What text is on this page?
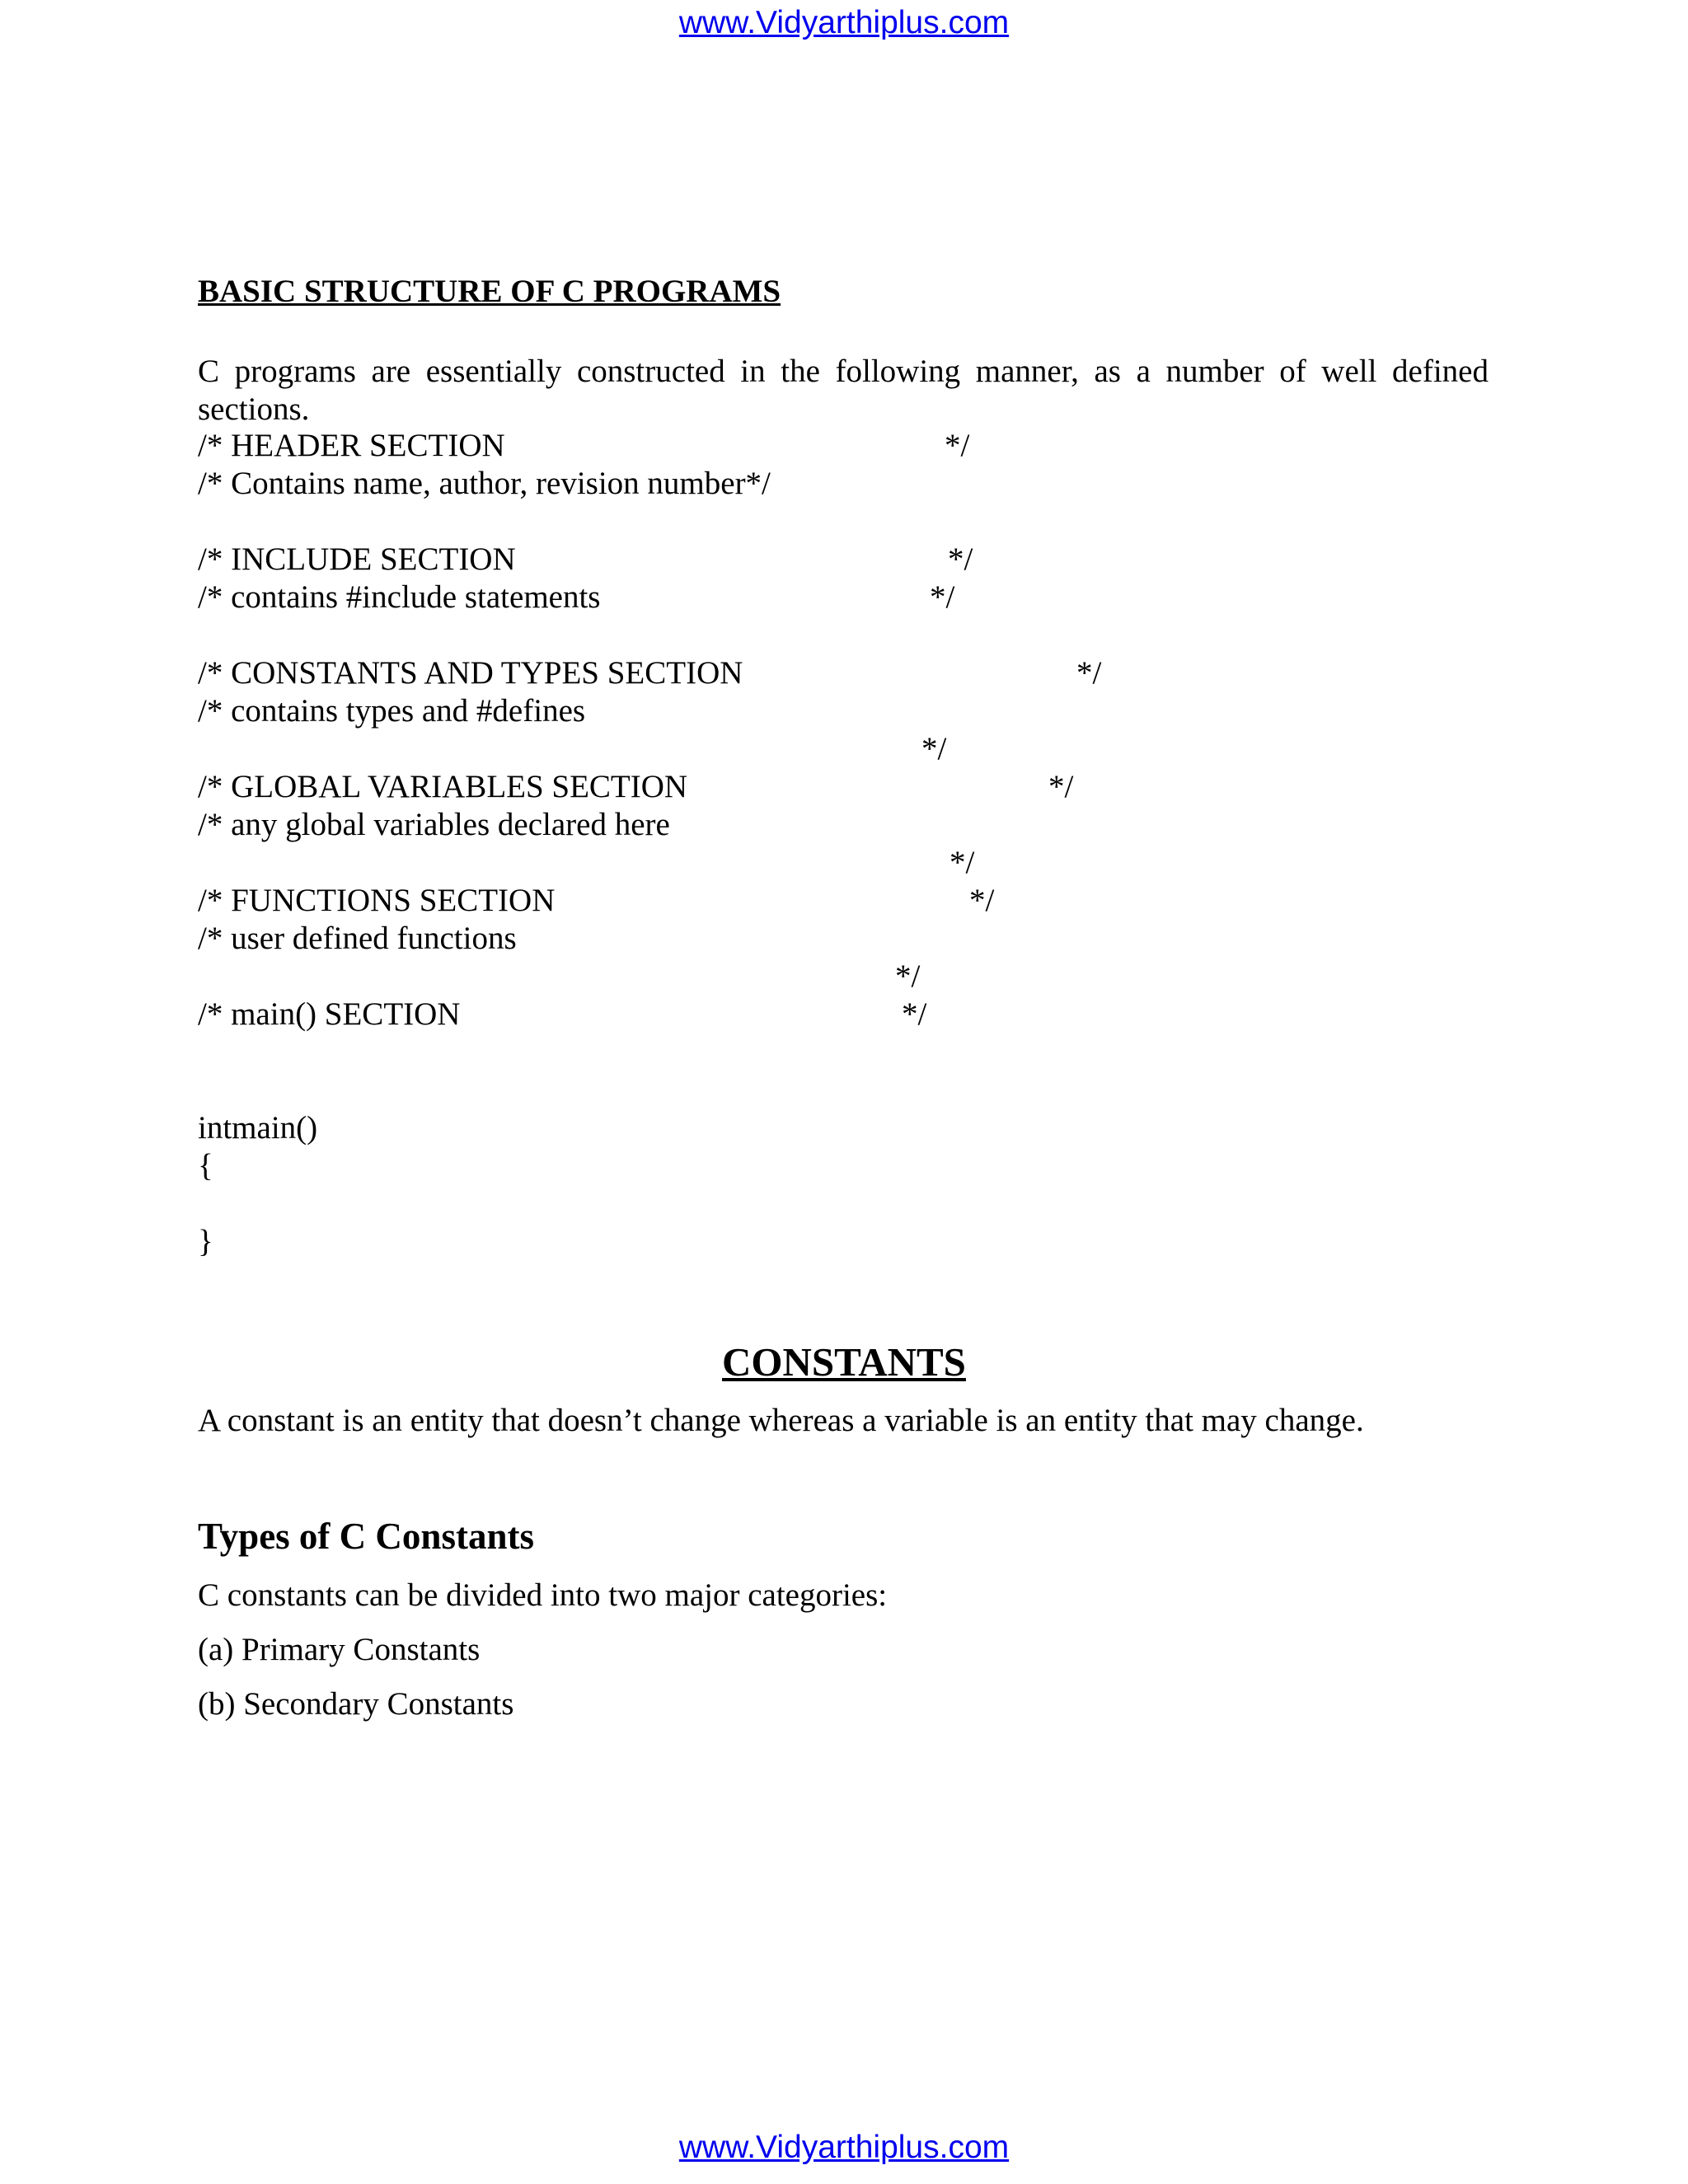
www.Vidyarthiplus.com
BASIC STRUCTURE OF C PROGRAMS
C programs are essentially constructed in the following manner, as a number of well defined sections.
/* HEADER SECTION	*/
/* Contains name, author, revision number*/
/* INCLUDE SECTION	*/
/* contains #include statements	*/
/* CONSTANTS AND TYPES SECTION	*/
/* contains types and #defines
*/
/* GLOBAL VARIABLES SECTION	*/
/* any global variables declared here
*/
/* FUNCTIONS SECTION	*/
/* user defined functions
*/
/* main() SECTION	*/
intmain()
{
}
CONSTANTS
A constant is an entity that doesn’t change whereas a variable is an entity that may change.
Types of C Constants
C constants can be divided into two major categories:
(a) Primary Constants
(b) Secondary Constants
www.Vidyarthiplus.com
